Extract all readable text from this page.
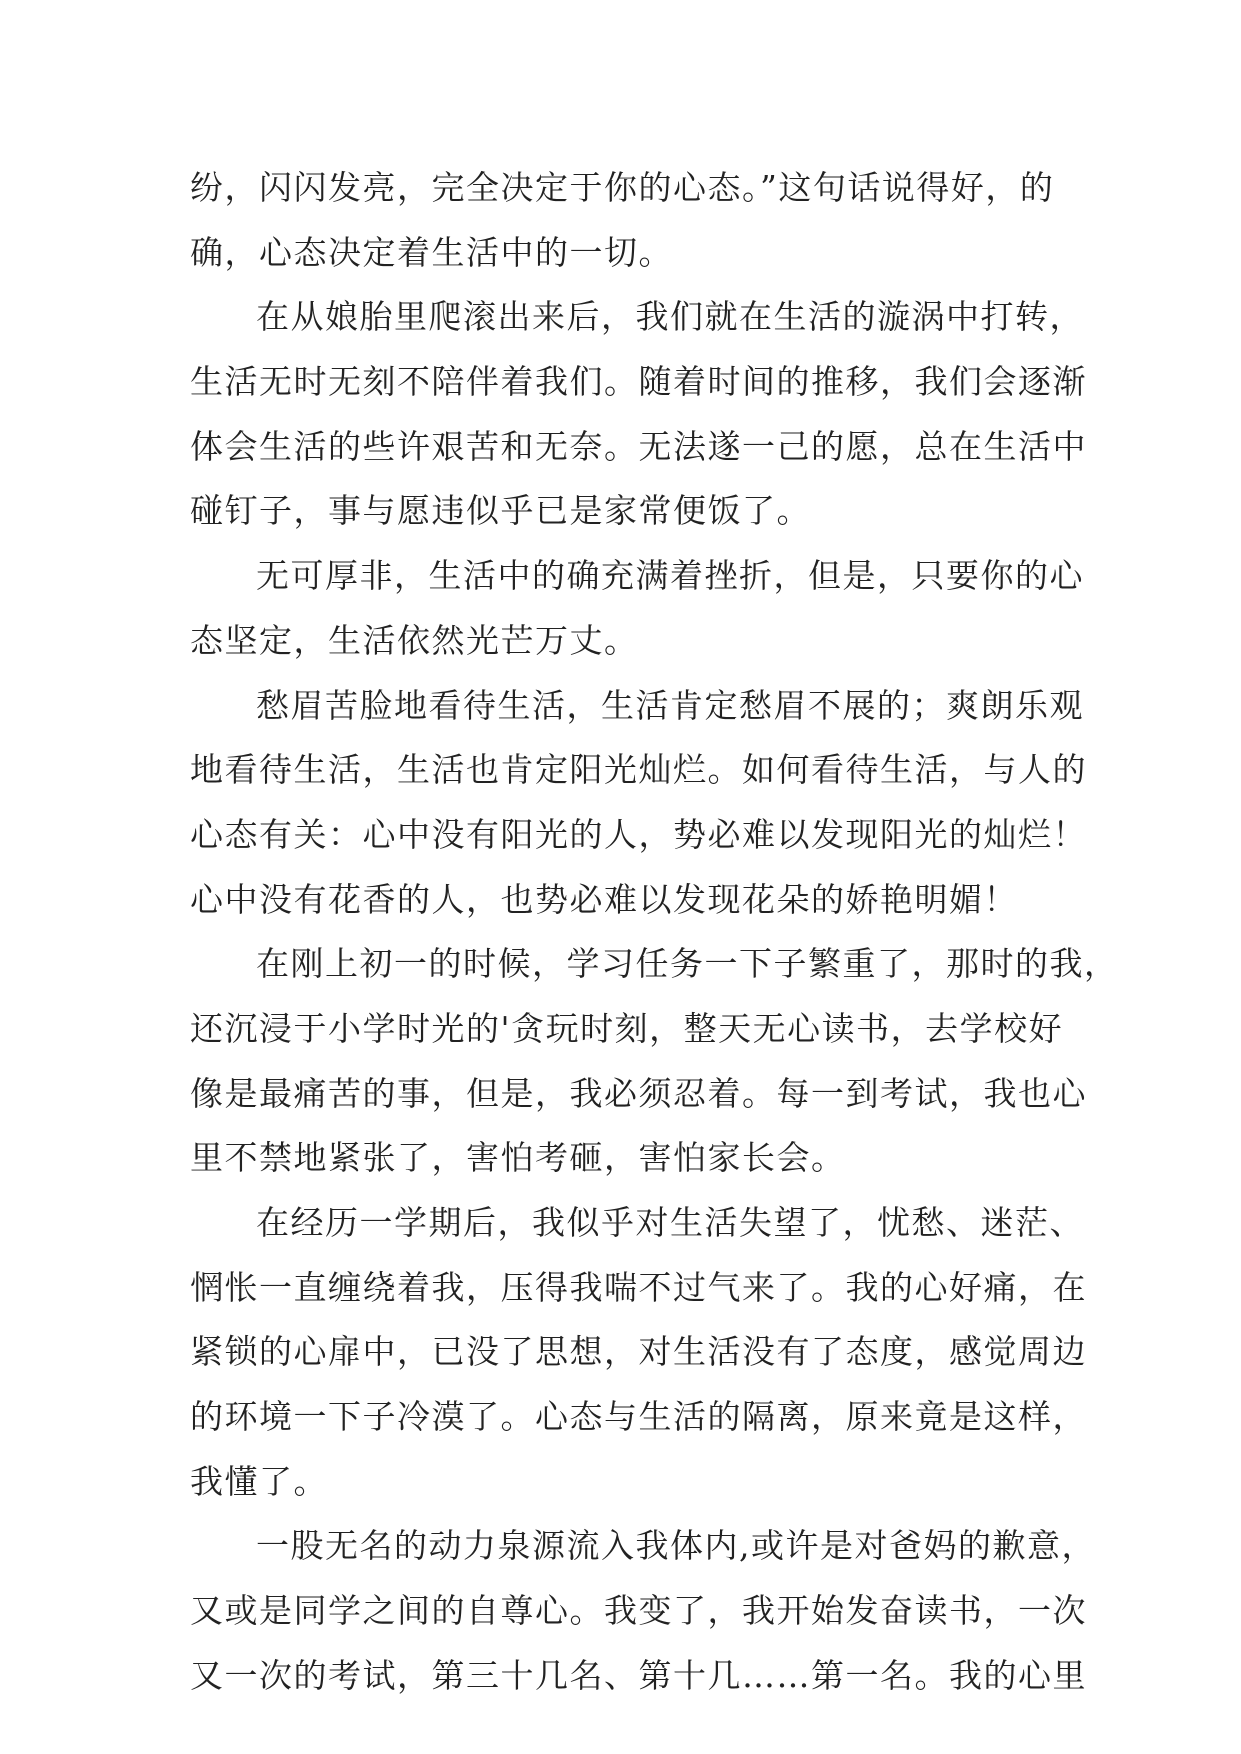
纷，闪闪发亮，完全决定于你的心态。”这句话说得好，的
确，心态决定着生活中的一切。
在从娘胎里爬滚出来后，我们就在生活的漩涡中打转，
生活无时无刻不陪伴着我们。随着时间的推移，我们会逐渐
体会生活的些许艰苦和无奈。无法遂一己的愿，总在生活中
碰钉子，事与愿违似乎已是家常便饭了。
无可厚非，生活中的确充满着挫折，但是，只要你的心
态坚定，生活依然光芒万丈。
愁眉苦脸地看待生活，生活肯定愁眉不展的；爽朗乐观
地看待生活，生活也肯定阳光灿烂。如何看待生活，与人的
心态有关：心中没有阳光的人，势必难以发现阳光的灿烂！
心中没有花香的人，也势必难以发现花朵的娇艳明媚！
在刚上初一的时候，学习任务一下子繁重了，那时的我，
还沉浸于小学时光的'贪玩时刻，整天无心读书，去学校好
像是最痛苦的事，但是，我必须忍着。每一到考试，我也心
里不禁地紧张了，害怕考砸，害怕家长会。
在经历一学期后，我似乎对生活失望了，忧愁、迷茫、
惘怅一直缠绕着我，压得我喘不过气来了。我的心好痛，在
紧锁的心扉中，已没了思想，对生活没有了态度，感觉周边
的环境一下子冷漠了。心态与生活的隔离，原来竟是这样，
我懂了。
一股无名的动力泉源流入我体内,或许是对爸妈的歉意，
又或是同学之间的自尊心。我变了，我开始发奋读书，一次
又一次的考试，第三十几名、第十几……第一名。我的心里
